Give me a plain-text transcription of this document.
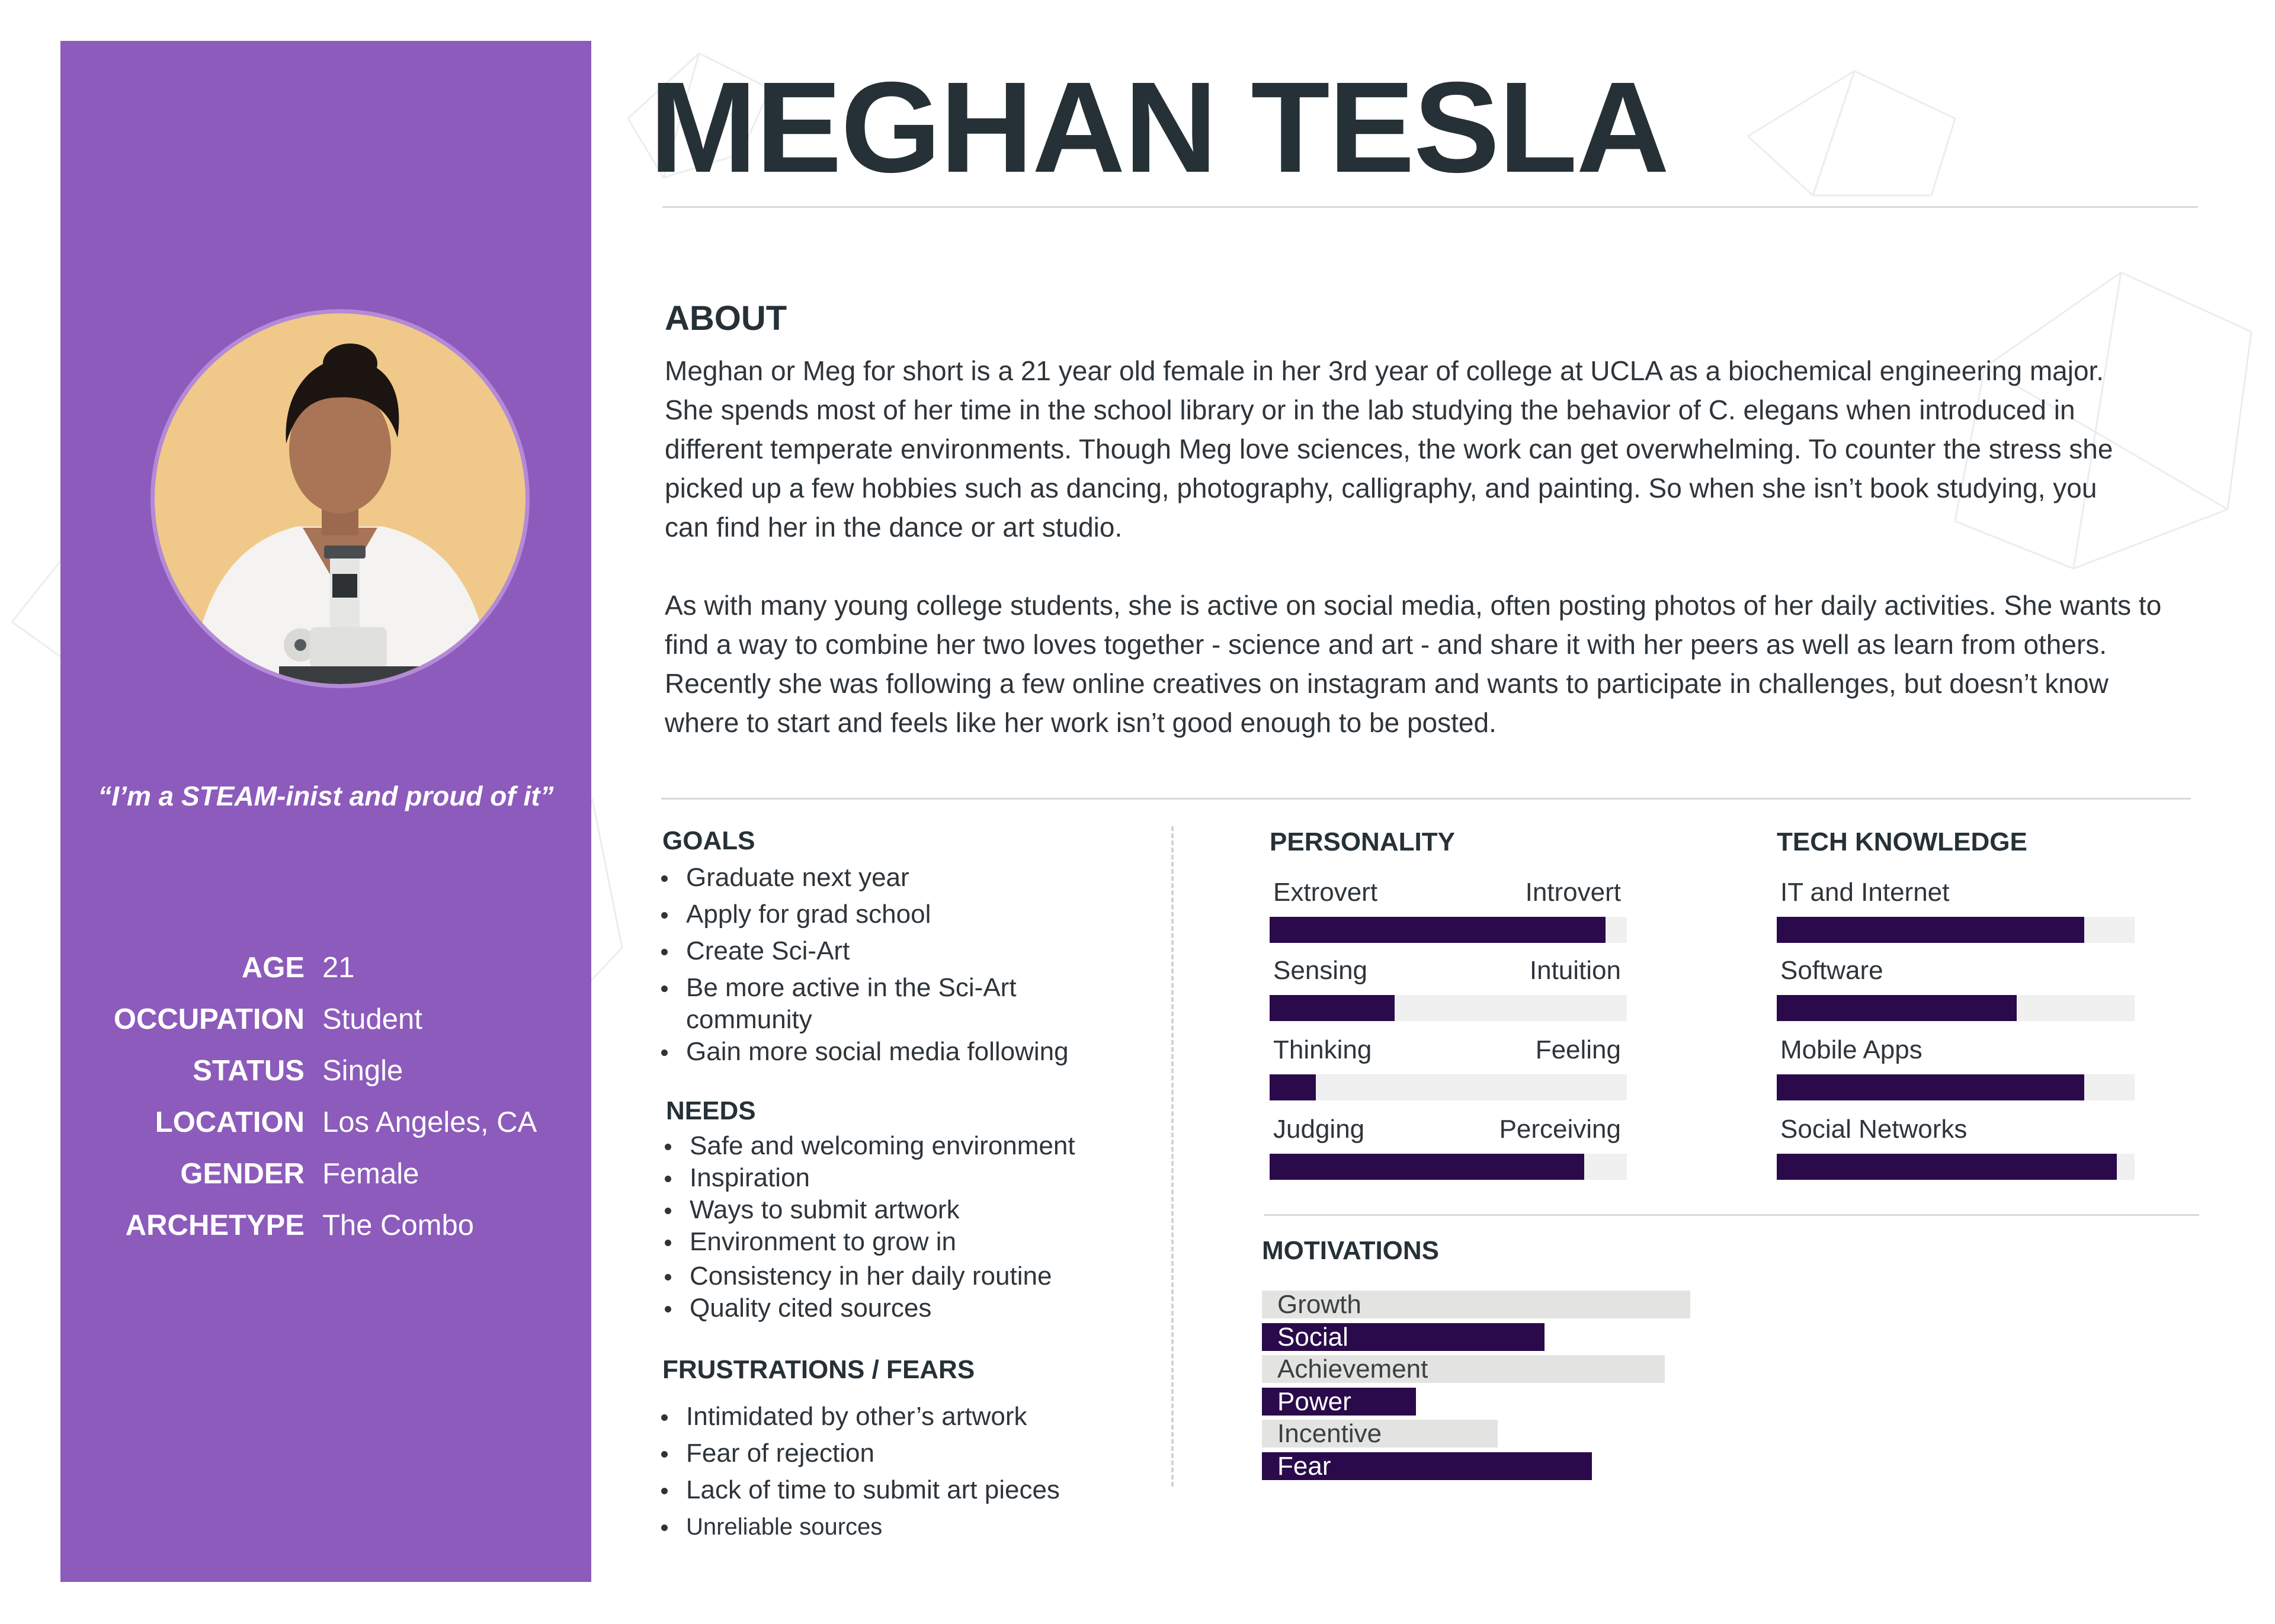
“I’m a STEAM-inist and proud of it”
AGE 21
OCCUPATION Student
STATUS Single
LOCATION Los Angeles, CA
GENDER Female
ARCHETYPE The Combo
MEGHAN TESLA
ABOUT
Meghan or Meg for short is a 21 year old female in her 3rd year of college at UCLA as a biochemical engineering major. She spends most of her time in the school library or in the lab studying the behavior of C. elegans when introduced in different temperate environments. Though Meg love sciences, the work can get overwhelming. To counter the stress she picked up a few hobbies such as dancing, photography, calligraphy, and painting. So when she isn’t book studying, you can find her in the dance or art studio.
As with many young college students, she is active on social media, often posting photos of her daily activities. She wants to find a way to combine her two loves together - science and art - and share it with her peers as well as learn from others. Recently she was following a few online creatives on instagram and wants to participate in challenges, but doesn’t know where to start and feels like her work isn’t good enough to be posted.
GOALS
Graduate next year
Apply for grad school
Create Sci-Art
Be more active in the Sci-Art community
Gain more social media following
NEEDS
Safe and welcoming environment
Inspiration
Ways to submit artwork
Environment to grow in
Consistency in her daily routine
Quality cited sources
FRUSTRATIONS / FEARS
Intimidated by other’s artwork
Fear of rejection
Lack of time to submit art pieces
Unreliable sources
PERSONALITY
Extrovert	Introvert
Sensing	Intuition
Thinking	Feeling
Judging	Perceiving
TECH KNOWLEDGE
IT and Internet
Software
Mobile Apps
Social Networks
MOTIVATIONS
Growth
Social
Achievement
Power
Incentive
Fear
